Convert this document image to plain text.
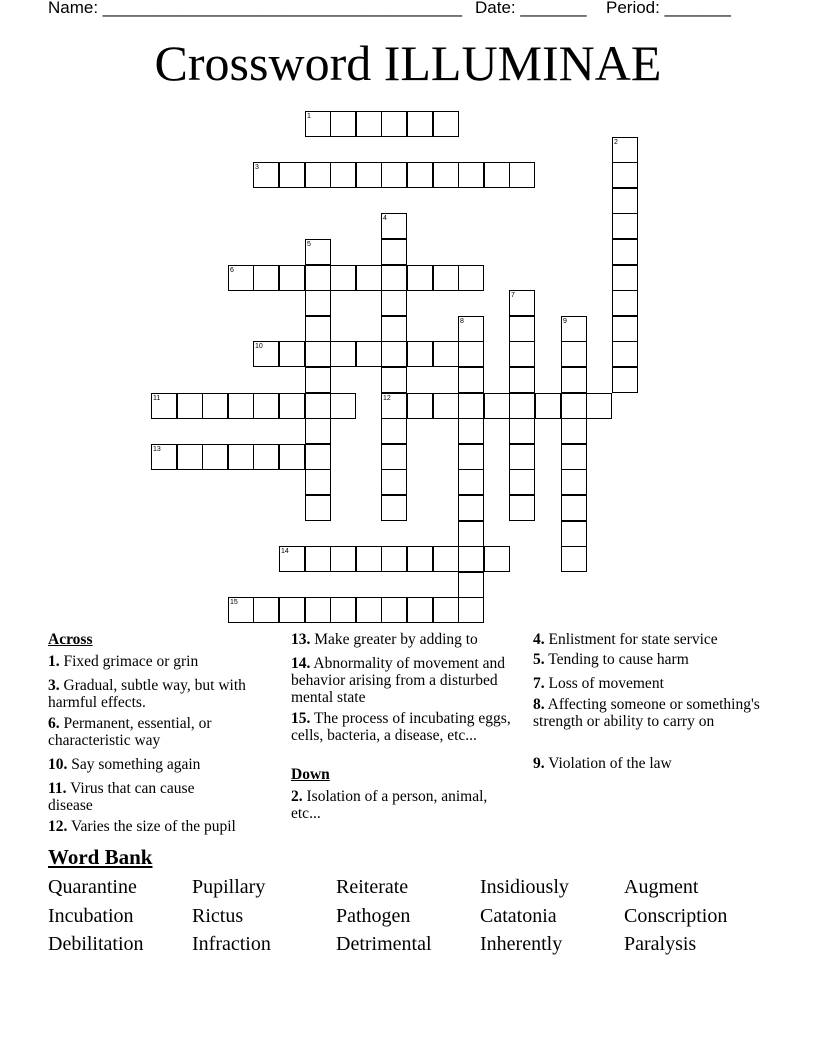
Name: ______________________________________ Date: _______ Period: _______
Crossword ILLUMINAE
1
2
3
4
5
6
7
8	9
10
11	12
13
14
15
Across
1. Fixed grimace or grin
3. Gradual, subtle way, but with harmful effects.
6. Permanent, essential, or characteristic way
10. Say something again
11. Virus that can cause disease
12. Varies the size of the pupil
13. Make greater by adding to
14. Abnormality of movement and behavior arising from a disturbed mental state
15. The process of incubating eggs, cells, bacteria, a disease, etc...
Down
2. Isolation of a person, animal, etc...
4. Enlistment for state service
5. Tending to cause harm
7. Loss of movement
8. Affecting someone or something's strength or ability to carry on
9. Violation of the law
Word Bank
Quarantine	Pupillary	Reiterate	Insidiously	Augment
Incubation	Rictus	Pathogen	Catatonia	Conscription
Debilitation Infraction	Detrimental Inherently	Paralysis
